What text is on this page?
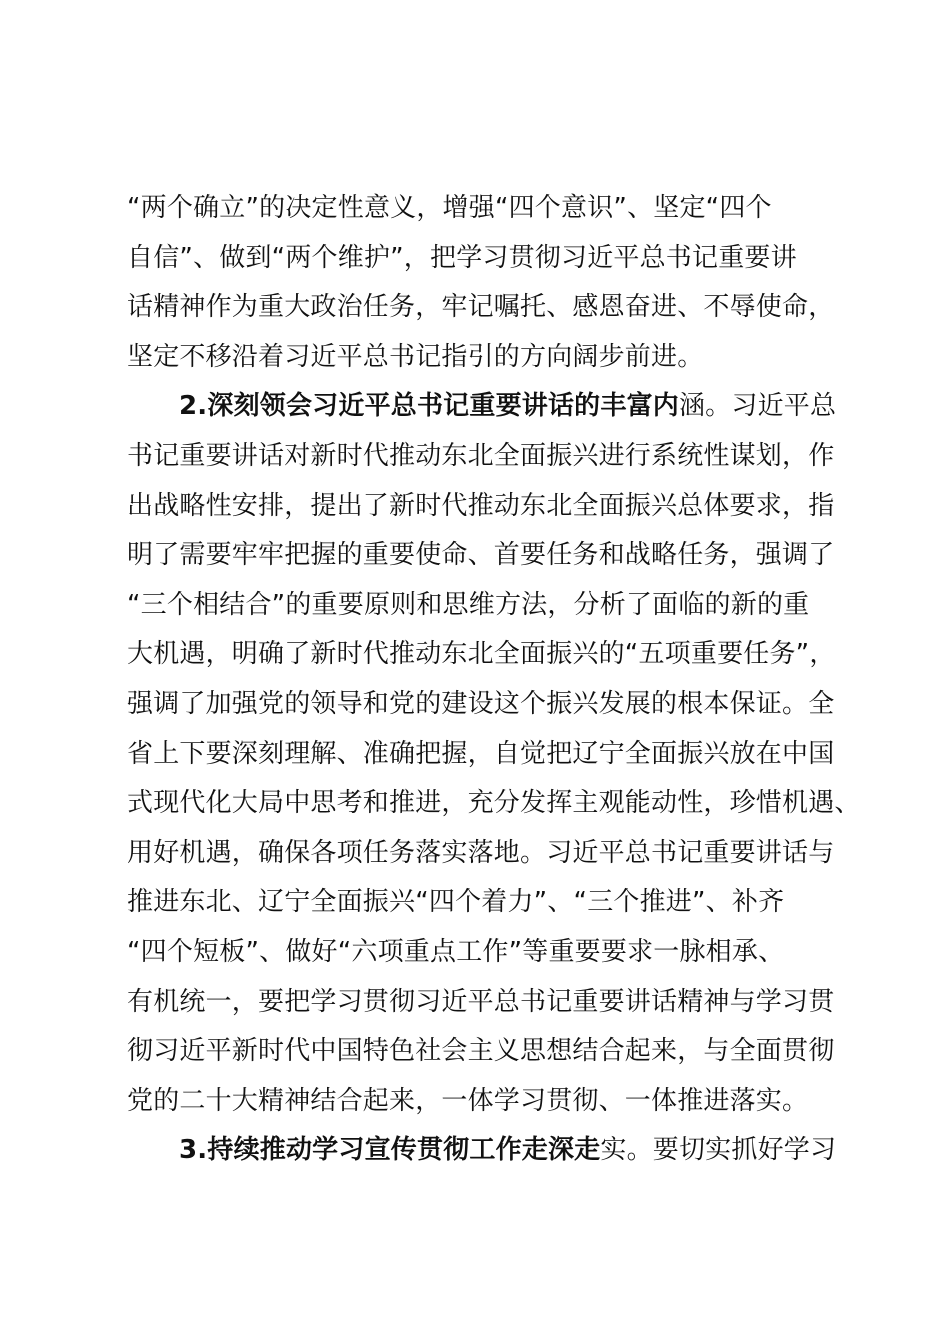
“两个确立”的决定性意义，增强“四个意识”、坚定“四个
自信”、做到“两个维护”，把学习贯彻习近平总书记重要讲
话精神作为重大政治任务，牢记嘱托、感恩奋进、不辱使命，
坚定不移沿着习近平总书记指引的方向阔步前进。
2.深刻领会习近平总书记重要讲话的丰富内涵。习近平总
书记重要讲话对新时代推动东北全面振兴进行系统性谋划，作
出战略性安排，提出了新时代推动东北全面振兴总体要求，指
明了需要牢牢把握的重要使命、首要任务和战略任务，强调了
“三个相结合”的重要原则和思维方法，分析了面临的新的重
大机遇，明确了新时代推动东北全面振兴的“五项重要任务”，
强调了加强党的领导和党的建设这个振兴发展的根本保证。全
省上下要深刻理解、准确把握，自觉把辽宁全面振兴放在中国
式现代化大局中思考和推进，充分发挥主观能动性，珍惜机遇、
用好机遇，确保各项任务落实落地。习近平总书记重要讲话与
推进东北、辽宁全面振兴“四个着力”、“三个推进”、补齐
“四个短板”、做好“六项重点工作”等重要要求一脉相承、
有机统一，要把学习贯彻习近平总书记重要讲话精神与学习贯
彻习近平新时代中国特色社会主义思想结合起来，与全面贯彻
党的二十大精神结合起来，一体学习贯彻、一体推进落实。
3.持续推动学习宣传贯彻工作走深走实。要切实抓好学习
